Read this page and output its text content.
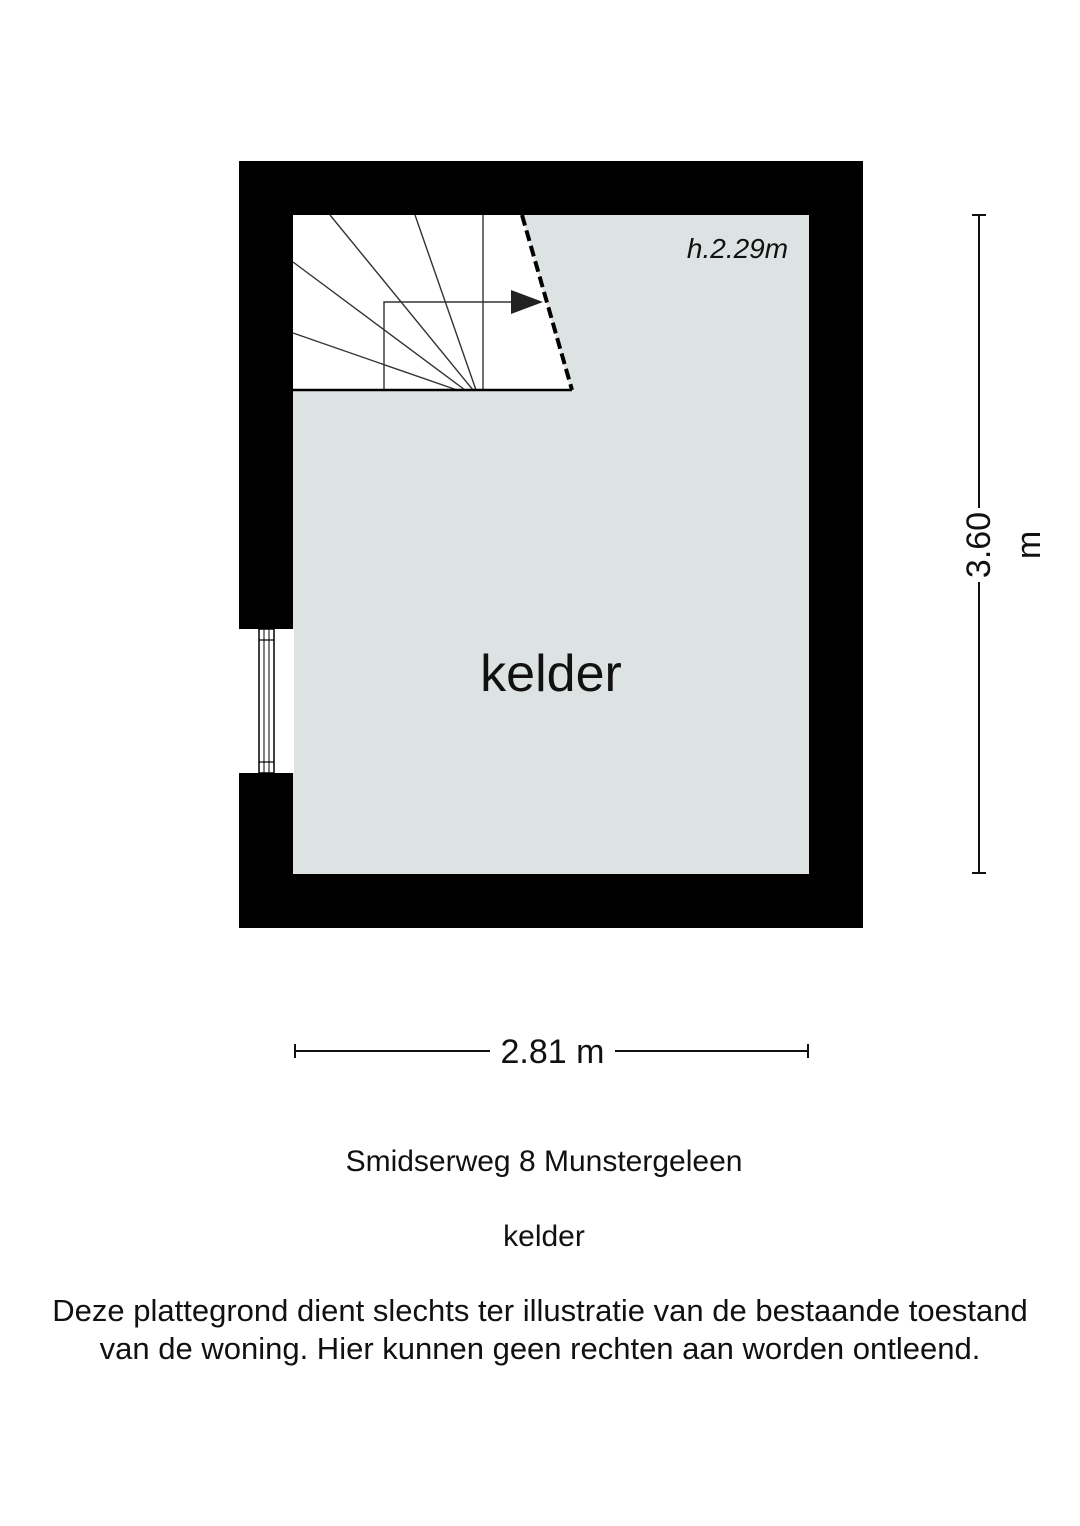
kelder
h.2.29m
2.81 m
3.60 m
Smidserweg 8 Munstergeleen
kelder
Deze plattegrond dient slechts ter illustratie van de bestaande toestand
van de woning. Hier kunnen geen rechten aan worden ontleend.
